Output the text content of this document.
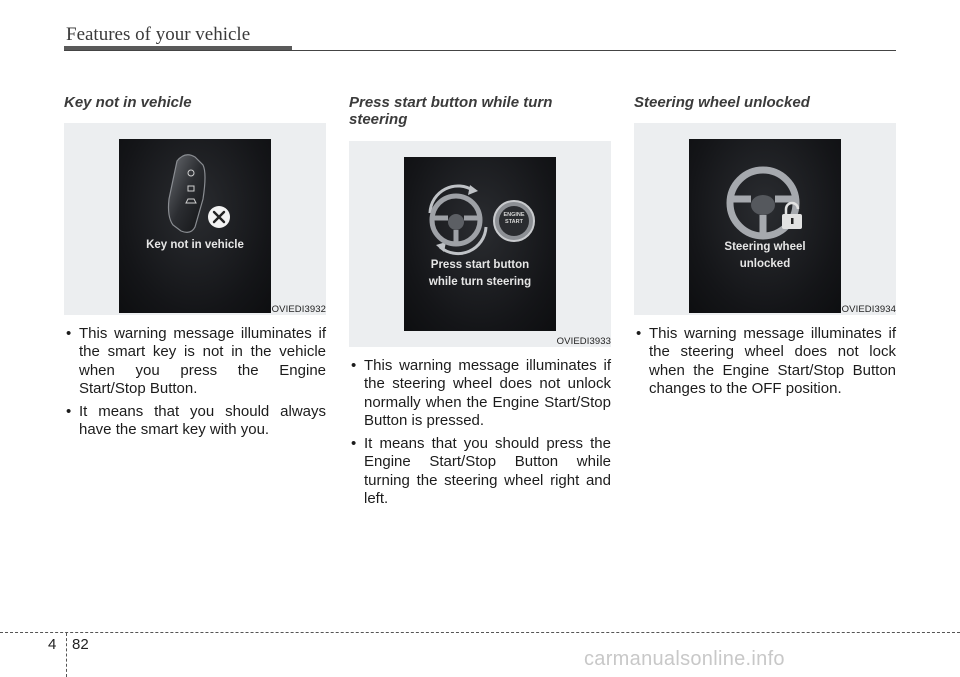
Features of your vehicle
Key not in vehicle
Key not in vehicle
OVIEDI3932
• This warning message illuminates if the smart key is not in the vehicle when you press the Engine Start/Stop Button.
• It means that you should always have the smart key with you.
Press start button while turn steering
ENGINE
START
Press start button
while turn steering
OVIEDI3933
• This warning message illuminates if the steering wheel does not unlock normally when the Engine Start/Stop Button is pressed.
• It means that you should press the Engine Start/Stop Button while turning the steering wheel right and left.
Steering wheel unlocked
Steering wheel
unlocked
OVIEDI3934
• This warning message illuminates if the steering wheel does not lock when the Engine Start/Stop Button changes to the OFF position.
4 82
carmanualsonline.info
